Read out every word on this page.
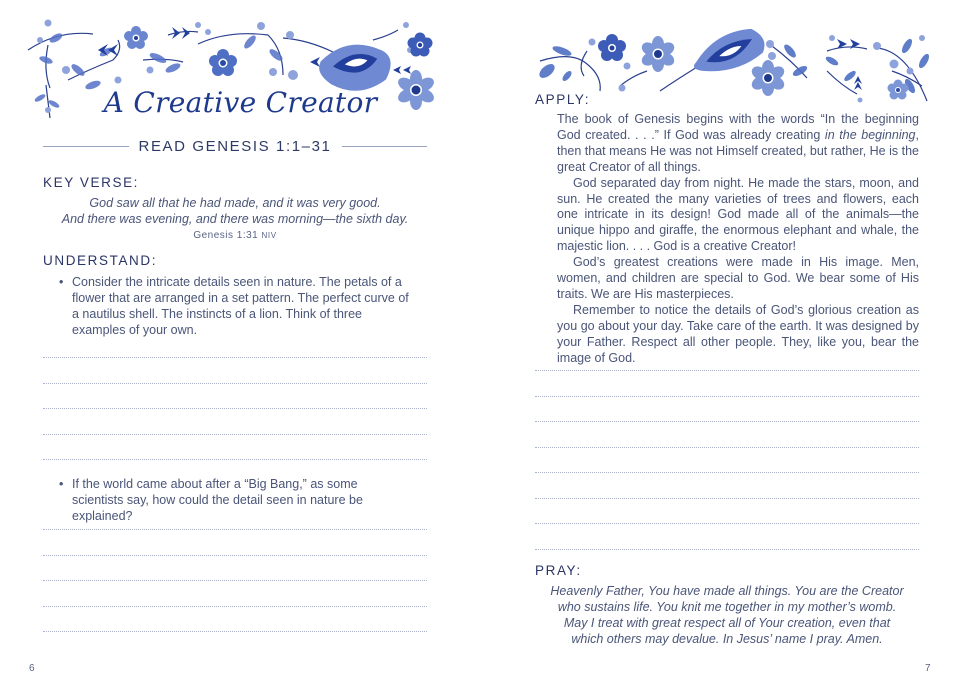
A Creative Creator
READ GENESIS 1:1–31
KEY VERSE:
God saw all that he had made, and it was very good.
And there was evening, and there was morning—the sixth day.
Genesis 1:31 NIV
UNDERSTAND:
• Consider the intricate details seen in nature. The petals of a flower that are arranged in a set pattern. The perfect curve of a nautilus shell. The instincts of a lion. Think of three examples of your own.
• If the world came about after a “Big Bang,” as some scientists say, how could the detail seen in nature be explained?
6
APPLY:

The book of Genesis begins with the words “In the beginning God created. . . .” If God was already creating in the beginning, then that means He was not Himself created, but rather, He is the great Creator of all things.

God separated day from night. He made the stars, moon, and sun. He created the many varieties of trees and flowers, each one intricate in its design! God made all of the animals—the unique hippo and giraffe, the enormous elephant and whale, the majestic lion. . . . God is a creative Creator!

God’s greatest creations were made in His image. Men, women, and children are special to God. We bear some of His traits. We are His masterpieces.

Remember to notice the details of God’s glorious creation as you go about your day. Take care of the earth. It was designed by your Father. Respect all other people. They, like you, bear the image of God.

PRAY:
Heavenly Father, You have made all things. You are the Creator
who sustains life. You knit me together in my mother’s womb.
May I treat with great respect all of Your creation, even that
which others may devalue. In Jesus’ name I pray. Amen.
7
